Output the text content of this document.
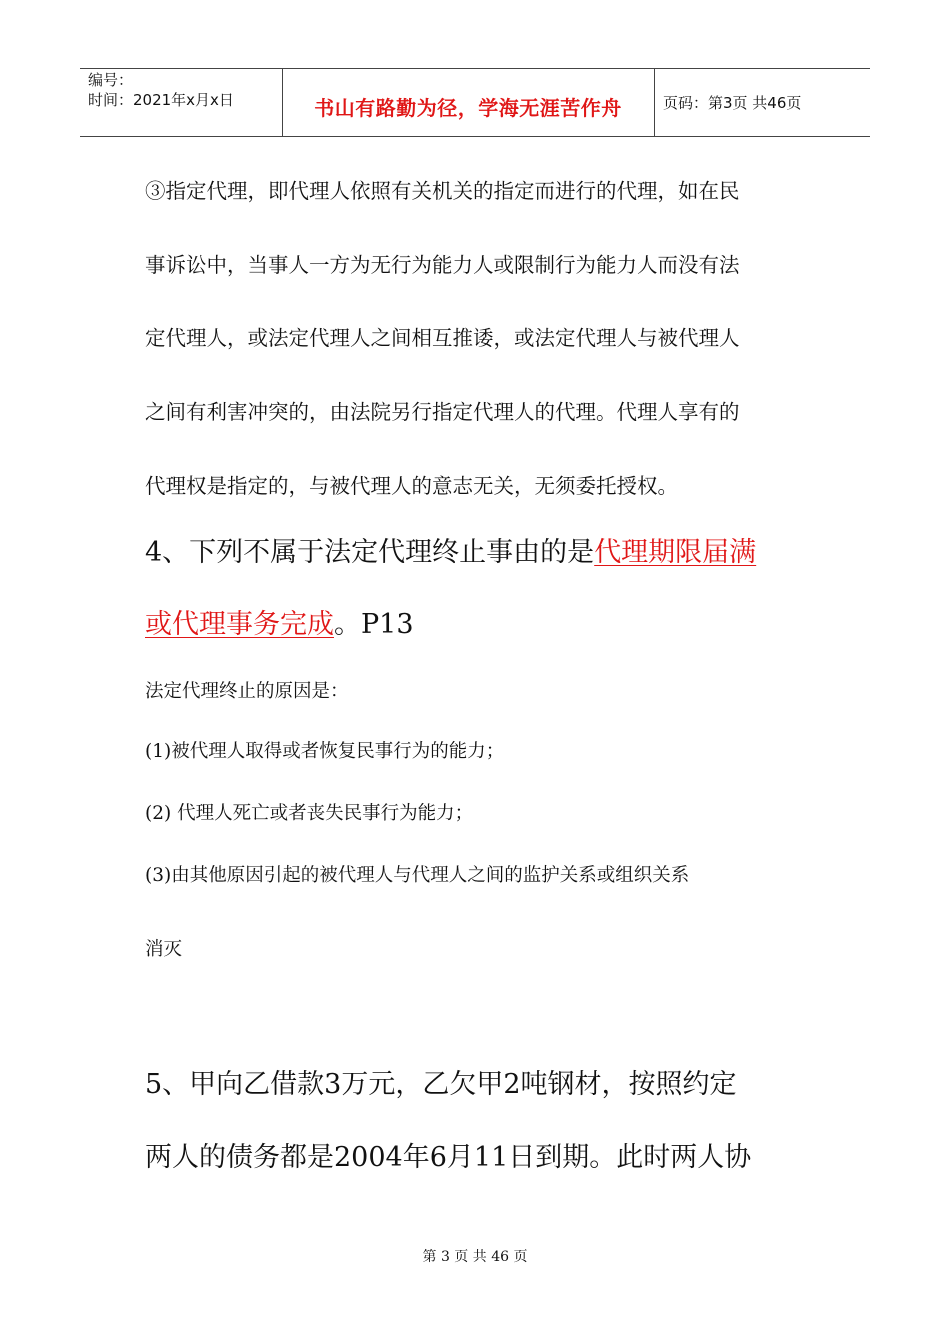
编号：
时间：2021年x月x日	书山有路勤为径，学海无涯苦作舟	页码：第3页 共46页
③指定代理，即代理人依照有关机关的指定而进行的代理，如在民
事诉讼中，当事人一方为无行为能力人或限制行为能力人而没有法
定代理人，或法定代理人之间相互推诿，或法定代理人与被代理人
之间有利害冲突的，由法院另行指定代理人的代理。代理人享有的
代理权是指定的，与被代理人的意志无关，无须委托授权。
4、下列不属于法定代理终止事由的是代理期限届满
或代理事务完成。P13
法定代理终止的原因是：
(1)被代理人取得或者恢复民事行为的能力；
(2) 代理人死亡或者丧失民事行为能力；
(3)由其他原因引起的被代理人与代理人之间的监护关系或组织关系
消灭
5、甲向乙借款3万元，乙欠甲2吨钢材，按照约定
两人的债务都是2004年6月11日到期。此时两人协
第 3 页 共 46 页
